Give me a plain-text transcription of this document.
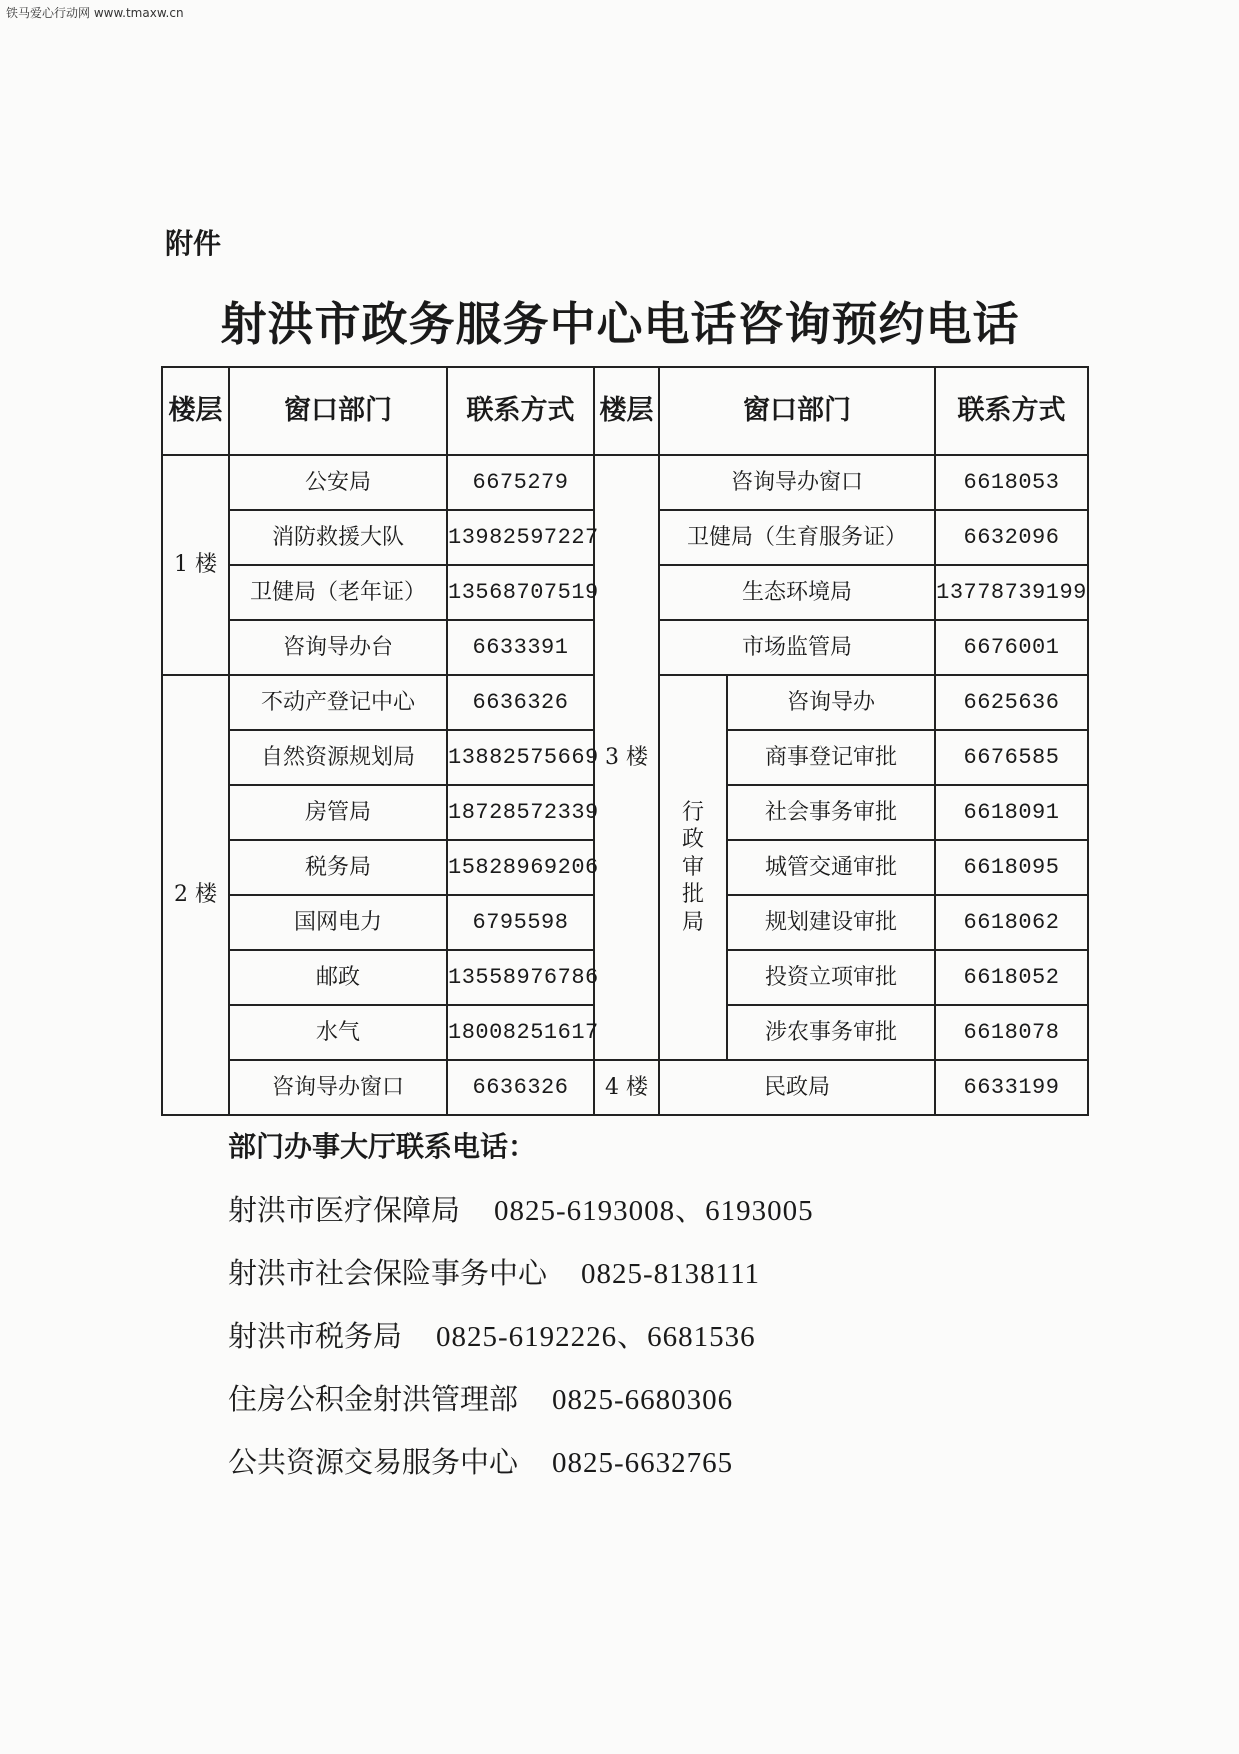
铁马爱心行动网 www.tmaxw.cn
附件
射洪市政务服务中心电话咨询预约电话
楼层	窗口部门	联系方式	楼层	窗口部门		联系方式
1 楼	公安局	6675279	3 楼	咨询导办窗口		6618053
	消防救援大队	13982597227		卫健局（生育服务证）		6632096
	卫健局（老年证）	13568707519		生态环境局		13778739199
	咨询导办台	6633391		市场监管局		6676001
2 楼	不动产登记中心	6636326		行政审批局	咨询导办	6625636
	自然资源规划局	13882575669			商事登记审批	6676585
	房管局	18728572339			社会事务审批	6618091
	税务局	15828969206			城管交通审批	6618095
	国网电力	6795598			规划建设审批	6618062
	邮政	13558976786			投资立项审批	6618052
	水气	18008251617			涉农事务审批	6618078
	咨询导办窗口	6636326	4 楼	民政局		6633199
部门办事大厅联系电话：
射洪市医疗保障局 0825-6193008、6193005
射洪市社会保险事务中心 0825-8138111
射洪市税务局 0825-6192226、6681536
住房公积金射洪管理部 0825-6680306
公共资源交易服务中心 0825-6632765
